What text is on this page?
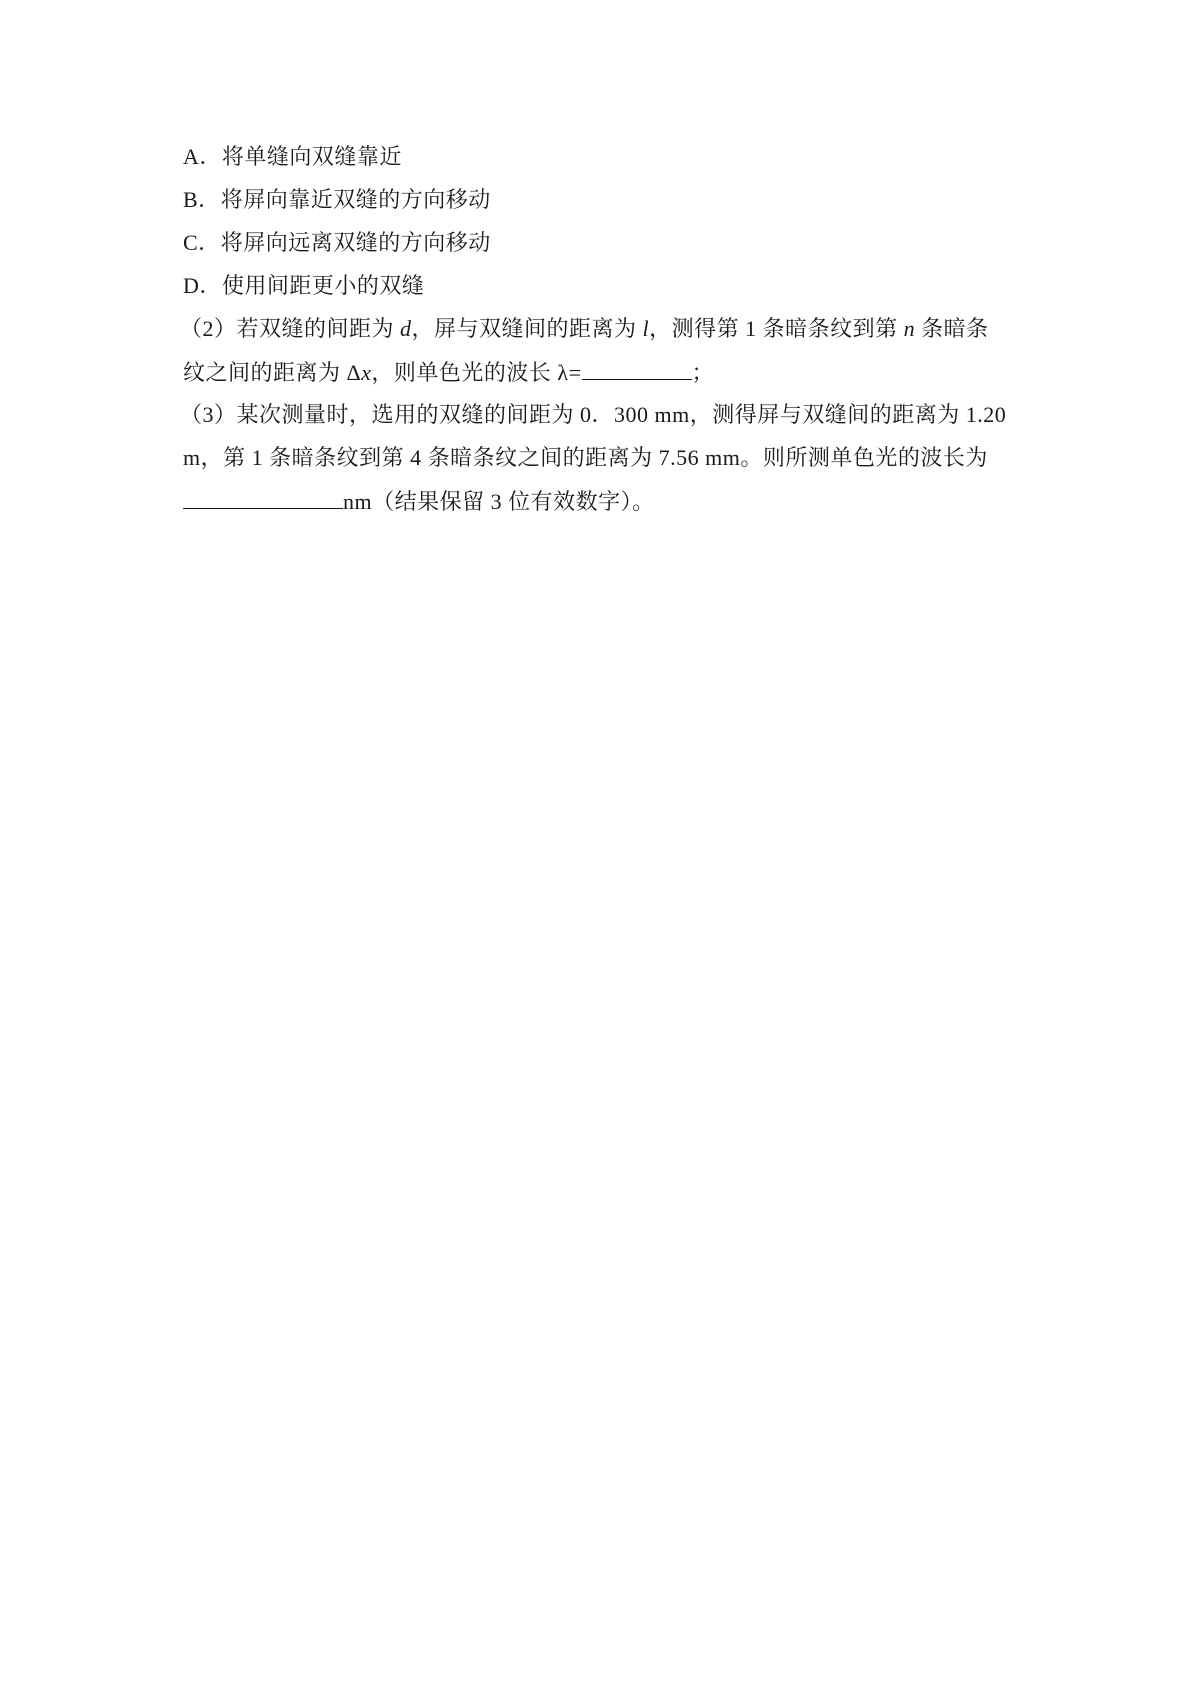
A．将单缝向双缝靠近
B．将屏向靠近双缝的方向移动
C．将屏向远离双缝的方向移动
D．使用间距更小的双缝
（2）若双缝的间距为 d，屏与双缝间的距离为 l，测得第 1 条暗条纹到第 n 条暗条
纹之间的距离为 Δx，则单色光的波长 λ=	；
（3）某次测量时，选用的双缝的间距为 0．300 mm，测得屏与双缝间的距离为 1.20
m，第 1 条暗条纹到第 4 条暗条纹之间的距离为 7.56 mm。则所测单色光的波长为
nm（结果保留 3 位有效数字）。
